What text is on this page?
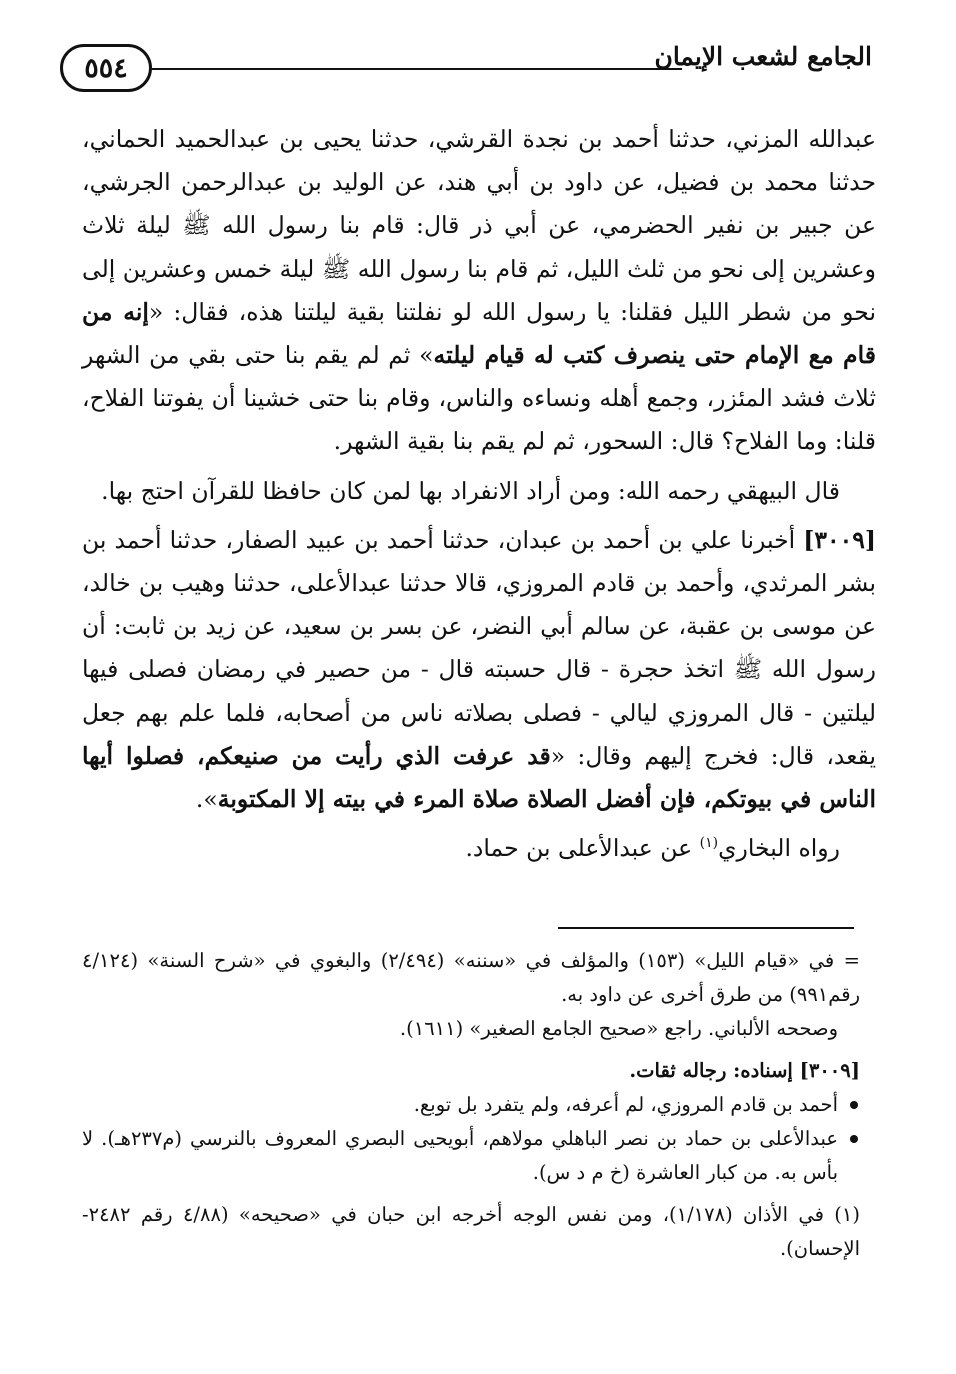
٥٥٤	الجامع لشعب الإيمان

عبدالله المزني، حدثنا أحمد بن نجدة القرشي، حدثنا يحيى بن عبدالحميد الحماني، حدثنا محمد بن فضيل، عن داود بن أبي هند، عن الوليد بن عبدالرحمن الجرشي، عن جبير بن نفير الحضرمي، عن أبي ذر قال: قام بنا رسول الله ﷺ ليلة ثلاث وعشرين إلى نحو من ثلث الليل، ثم قام بنا رسول الله ﷺ ليلة خمس وعشرين إلى نحو من شطر الليل فقلنا: يا رسول الله لو نفلتنا بقية ليلتنا هذه، فقال: «إنه من قام مع الإمام حتى ينصرف كتب له قيام ليلته» ثم لم يقم بنا حتى بقي من الشهر ثلاث فشد المئزر، وجمع أهله ونساءه والناس، وقام بنا حتى خشينا أن يفوتنا الفلاح، قلنا: وما الفلاح؟ قال: السحور، ثم لم يقم بنا بقية الشهر.

قال البيهقي رحمه الله: ومن أراد الانفراد بها لمن كان حافظا للقرآن احتج بها.

[٣٠٠٩] أخبرنا علي بن أحمد بن عبدان، حدثنا أحمد بن عبيد الصفار، حدثنا أحمد بن بشر المرثدي، وأحمد بن قادم المروزي، قالا حدثنا عبدالأعلى، حدثنا وهيب بن خالد، عن موسى بن عقبة، عن سالم أبي النضر، عن بسر بن سعيد، عن زيد بن ثابت: أن رسول الله ﷺ اتخذ حجرة - قال حسبته قال - من حصير في رمضان فصلى فيها ليلتين - قال المروزي ليالي - فصلى بصلاته ناس من أصحابه، فلما علم بهم جعل يقعد، قال: فخرج إليهم وقال: «قد عرفت الذي رأيت من صنيعكم، فصلوا أيها الناس في بيوتكم، فإن أفضل الصلاة صلاة المرء في بيته إلا المكتوبة».

رواه البخاري$^{(١)}$ عن عبدالأعلى بن حماد.

= في «قيام الليل» (١٥٣) والمؤلف في «سننه» (٢/٤٩٤) والبغوي في «شرح السنة» (٤/١٢٤ رقم٩٩١) من طرق أخرى عن داود به.

وصححه الألباني. راجع «صحيح الجامع الصغير» (١٦١١).

[٣٠٠٩] إسناده: رجاله ثقات.

أحمد بن قادم المروزي، لم أعرفه، ولم يتفرد بل توبع.

عبدالأعلى بن حماد بن نصر الباهلي مولاهم، أبويحيى البصري المعروف بالنرسي (م٢٣٧هـ). لا بأس به. من كبار العاشرة (خ م د س).

(١) في الأذان (١/١٧٨)، ومن نفس الوجه أخرجه ابن حبان في «صحيحه» (٤/٨٨ رقم ٢٤٨٢- الإحسان).
